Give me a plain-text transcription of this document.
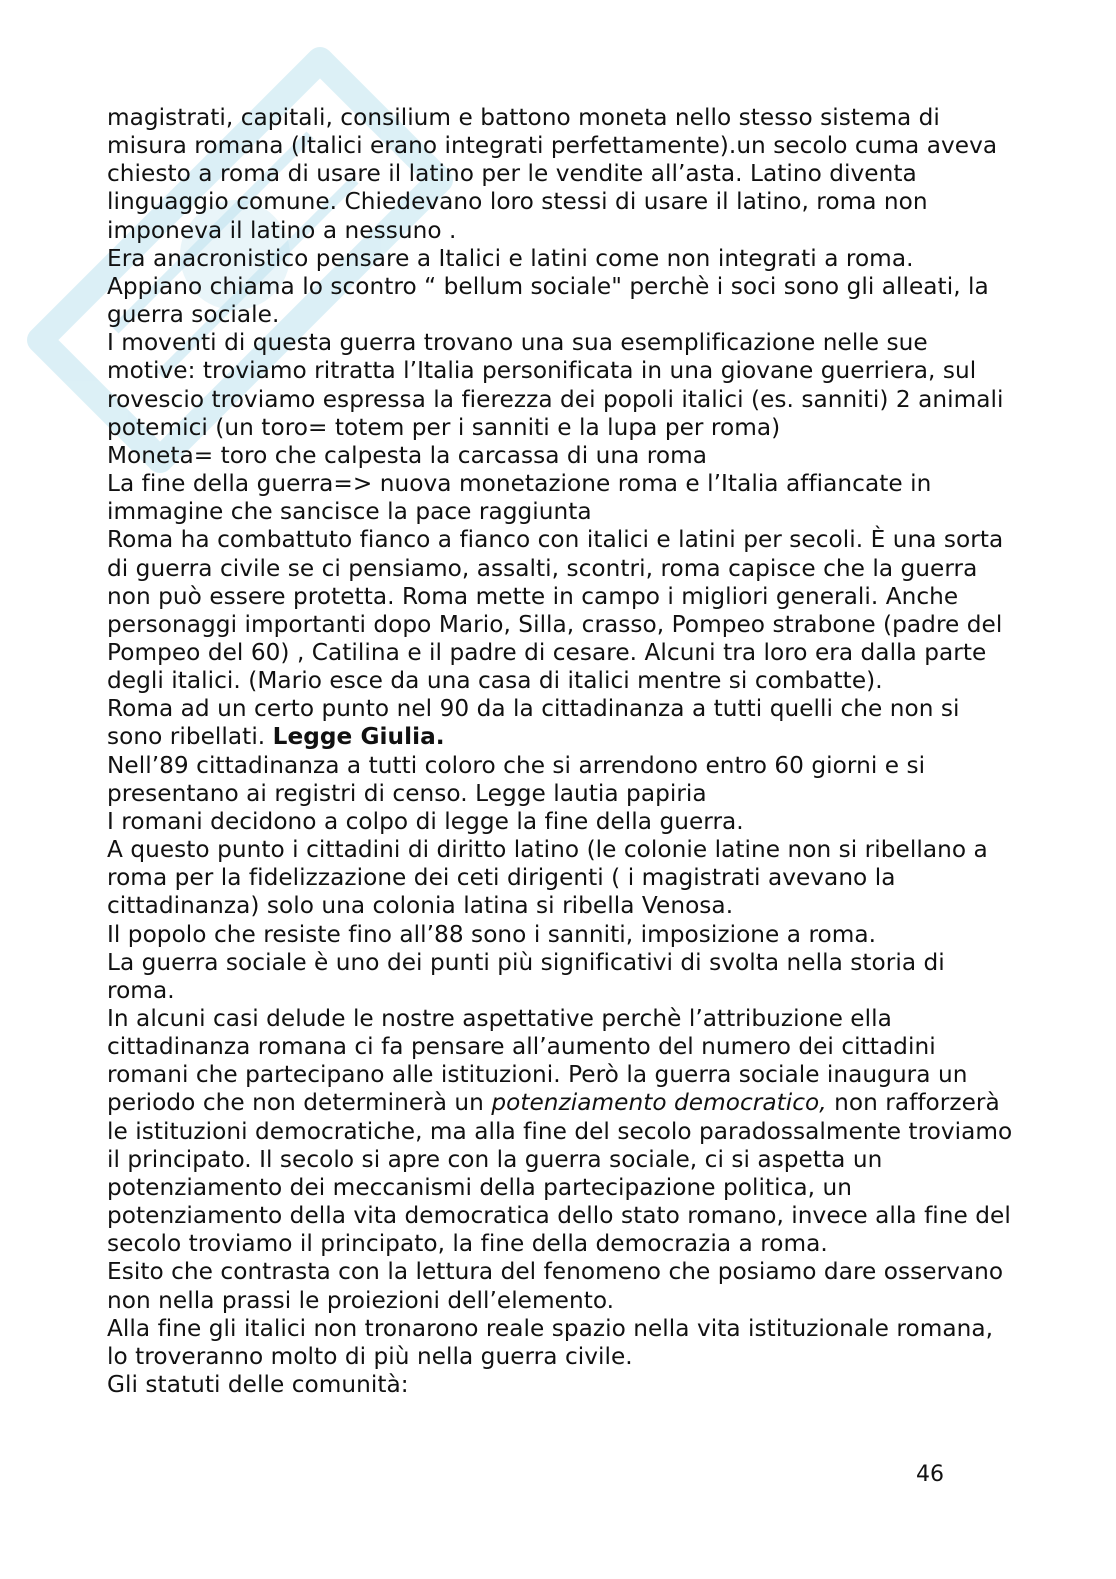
magistrati, capitali, consilium e battono moneta nello stesso sistema di misura romana (Italici erano integrati perfettamente).un secolo cuma aveva chiesto a roma di usare il latino per le vendite all’asta. Latino diventa linguaggio comune. Chiedevano loro stessi di usare il latino, roma non imponeva il latino a nessuno .

Era anacronistico pensare a Italici e latini come non integrati a roma.

Appiano chiama lo scontro “ bellum sociale" perchè i soci sono gli alleati, la guerra sociale.

I moventi di questa guerra trovano una sua esemplificazione nelle sue motive: troviamo ritratta l’Italia personificata in una giovane guerriera, sul rovescio troviamo espressa la fierezza dei popoli italici (es. sanniti) 2 animali potemici (un toro= totem per i sanniti e la lupa per roma)

Moneta= toro che calpesta la carcassa di una roma

La fine della guerra=> nuova monetazione roma e l’Italia affiancate in immagine che sancisce la pace raggiunta

Roma ha combattuto fianco a fianco con italici e latini per secoli. È una sorta di guerra civile se ci pensiamo, assalti, scontri, roma capisce che la guerra non può essere protetta. Roma mette in campo i migliori generali. Anche personaggi importanti dopo Mario, Silla, crasso, Pompeo strabone (padre del Pompeo del 60) , Catilina e il padre di cesare. Alcuni tra loro era dalla parte degli italici. (Mario esce da una casa di italici mentre si combatte).

Roma ad un certo punto nel 90 da la cittadinanza a tutti quelli che non si sono ribellati. Legge Giulia.

Nell’89 cittadinanza a tutti coloro che si arrendono entro 60 giorni e si presentano ai registri di censo. Legge lautia papiria

I romani decidono a colpo di legge la fine della guerra.

A questo punto i cittadini di diritto latino (le colonie latine non si ribellano a roma per la fidelizzazione dei ceti dirigenti ( i magistrati avevano la cittadinanza) solo una colonia latina si ribella Venosa.

Il popolo che resiste fino all’88 sono i sanniti, imposizione a roma.

La guerra sociale è uno dei punti più significativi di svolta nella storia di roma.

In alcuni casi delude le nostre aspettative perchè l’attribuzione ella cittadinanza romana ci fa pensare all’aumento del numero dei cittadini romani che partecipano alle istituzioni. Però la guerra sociale inaugura un periodo che non determinerà un potenziamento democratico, non rafforzerà le istituzioni democratiche, ma alla fine del secolo paradossalmente troviamo il principato. Il secolo si apre con la guerra sociale, ci si aspetta un potenziamento dei meccanismi della partecipazione politica, un potenziamento della vita democratica dello stato romano, invece alla fine del secolo troviamo il principato, la fine della democrazia a roma.

Esito che contrasta con la lettura del fenomeno che posiamo dare osservano non nella prassi le proiezioni dell’elemento.

Alla fine gli italici non tronarono reale spazio nella vita istituzionale romana, lo troveranno molto di più nella guerra civile.

Gli statuti delle comunità:

46
